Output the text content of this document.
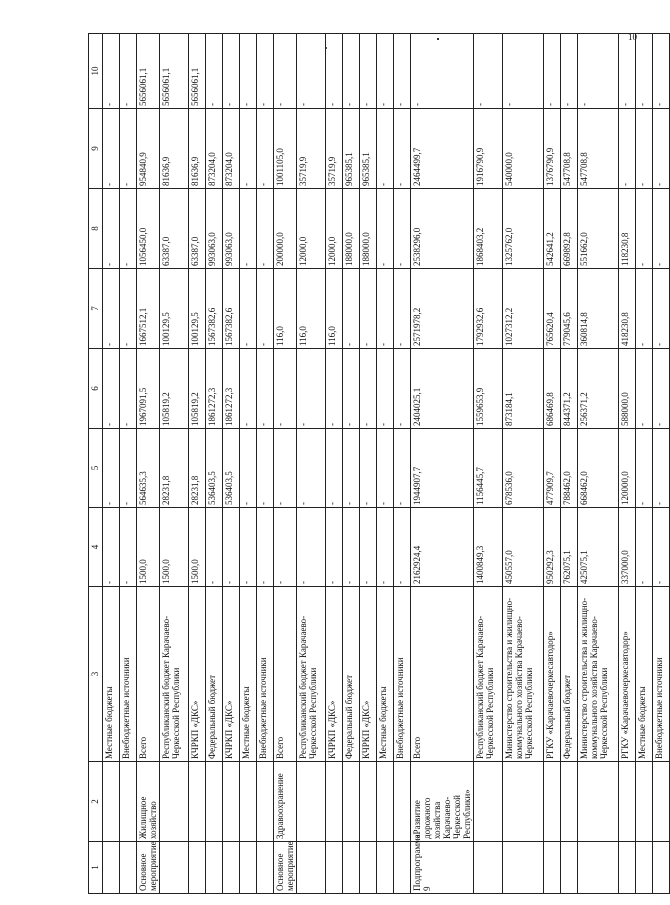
10
1	2	3	4	5	6	7	8	9	10
		Местные бюджеты	-	-	-	-	-	-	-
		Внебюджетные источники	-	-	-	-	-	-	-
Основное мероприятие	Жилищное хозяйство	Всего	1500,0	564635,3	1967091,5	1667512,1	1056450,0	954840,9	5656061,1
		Республиканский бюджет Карачаево-Черкесской Республики	1500,0	28231,8	105819,2	100129,5	63387,0	81636,9	5656061,1
		КЧРКП «ДКС»	1500,0	28231,8	105819,2	100129,5	63387,0	81636,9	5656061,1
		Федеральный бюджет	-	536403,5	1861272,3	1567382,6	993063,0	873204,0	-
		КЧРКП «ДКС»	-	536403,5	1861272,3	1567382,6	993063,0	873204,0	-
		Местные бюджеты	-	-	-	-	-	-	-
		Внебюджетные источники	-	-	-	-	-	-	-
Основное мероприятие	Здравоохранение	Всего	-	-	-	116,0	200000,0	1001105,0	-
		Республиканский бюджет Карачаево-Черкесской Республики	-	-	-	116,0	12000,0	35719,9	-
		КЧРКП «ДКС»	-	-	-	116,0	12000,0	35719,9	-
		Федеральный бюджет	-	-	-	-	188000,0	965385,1	-
		КЧРКП «ДКС»	-	-	-	-	188000,0	965385,1	-
		Местные бюджеты	-	-	-	-	-	-	-
		Внебюджетные источники	-	-	-	-	-	-	-
Подпрограмма 9	«Развитие дорожного хозяйства Карачаево-Черкесской Республики»	Всего	2162924,4	1944907,7	2404025,1	2571978,2	2538296,0	2464499,7	-
		Республиканский бюджет Карачаево-Черкесской Республики	1400849,3	1156445,7	1559653,9	1792932,6	1868403,2	1916790,9	-
		Министерство строительства и жилищно-коммунального хозяйства Карачаево-Черкесской Республики	450557,0	678536,0	873184,1	1027312,2	1325762,0	540000,0	-
		РГКУ «Карачаевочеркесавтодор»	950292,3	477909,7	686469,8	765620,4	542641,2	1376790,9	-
		Федеральный бюджет	762075,1	788462,0	844371,2	779045,6	669892,8	547708,8	-
		Министерство строительства и жилищно-коммунального хозяйства Карачаево-Черкесской Республики	425075,1	668462,0	256371,2	360814,8	551662,0	547708,8	-
		РГКУ «Карачаевочеркесавтодор»	337000,0	120000,0	588000,0	418230,8	118230,8	-	-
		Местные бюджеты	-	-	-	-	-	-	-
		Внебюджетные источники	-	-	-	-	-	-	-
